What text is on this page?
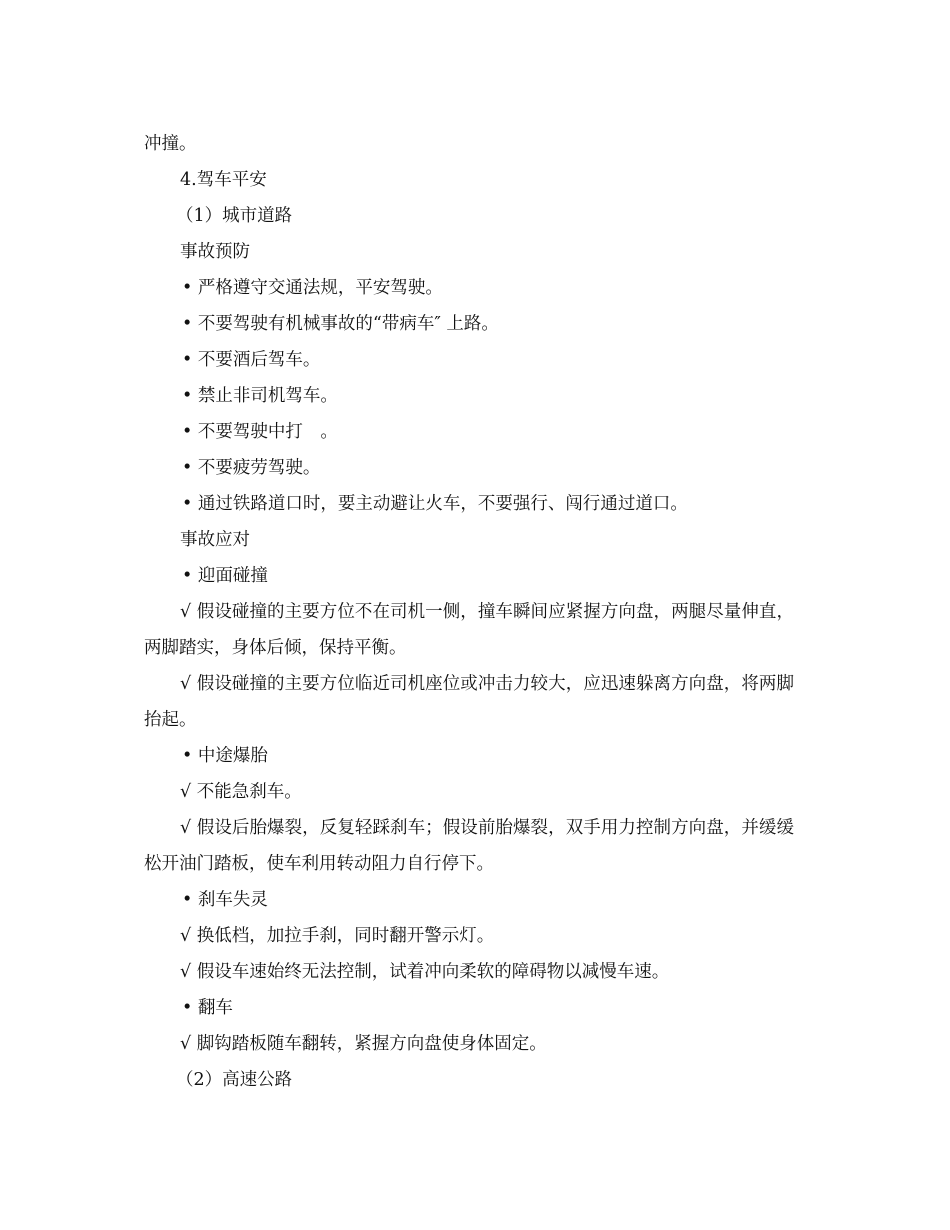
冲撞。
4.驾车平安
（1）城市道路
事故预防
• 严格遵守交通法规，平安驾驶。
• 不要驾驶有机械事故的“带病车″ 上路。
• 不要酒后驾车。
• 禁止非司机驾车。
• 不要驾驶中打　。
• 不要疲劳驾驶。
• 通过铁路道口时，要主动避让火车，不要强行、闯行通过道口。
事故应对
• 迎面碰撞
√ 假设碰撞的主要方位不在司机一侧，撞车瞬间应紧握方向盘，两腿尽量伸直，两脚踏实，身体后倾，保持平衡。
√ 假设碰撞的主要方位临近司机座位或冲击力较大，应迅速躲离方向盘，将两脚抬起。
• 中途爆胎
√ 不能急刹车。
√ 假设后胎爆裂，反复轻踩刹车；假设前胎爆裂，双手用力控制方向盘，并缓缓松开油门踏板，使车利用转动阻力自行停下。
• 刹车失灵
√ 换低档，加拉手刹，同时翻开警示灯。
√ 假设车速始终无法控制，试着冲向柔软的障碍物以减慢车速。
• 翻车
√ 脚钩踏板随车翻转，紧握方向盘使身体固定。
（2）高速公路
